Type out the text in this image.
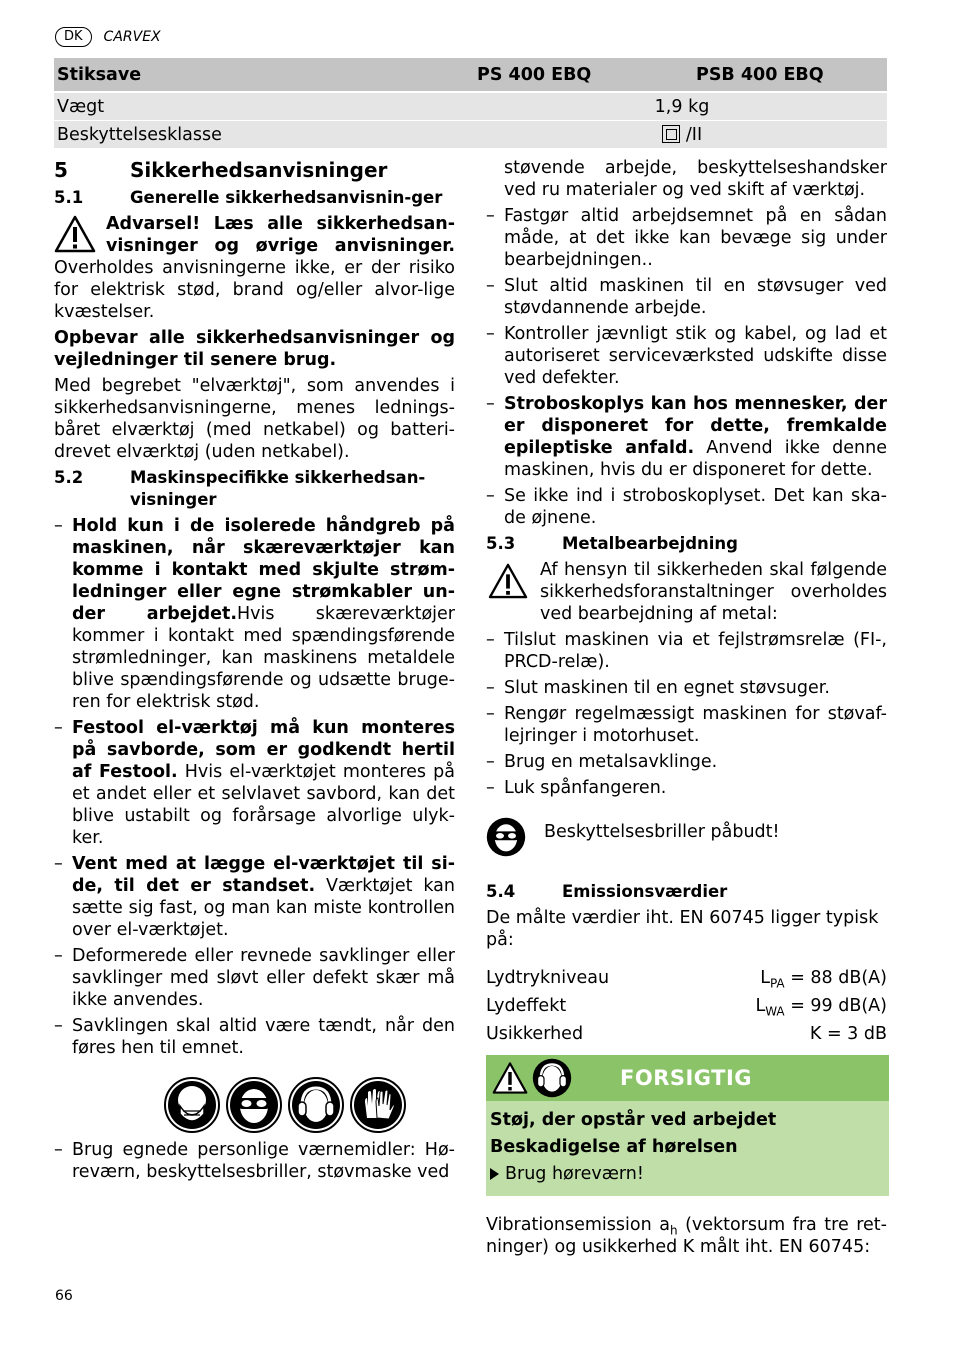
DK	CARVEX
Stiksave	PS 400 EBQ	PSB 400 EBQ
Vægt	1,9 kg
Beskyttelsesklasse	/II
5	Sikkerhedsanvisninger
5.1	Generelle sikkerhedsanvisnin-ger

Advarsel! Læs alle sikkerhedsan-visninger og øvrige anvisninger. Overholdes anvisningerne ikke, er der risiko for elektrisk stød, brand og/eller alvor-lige kvæstelser.

Opbevar alle sikkerhedsanvisninger og vejledninger til senere brug.

Med begrebet "elværktøj", som anvendes i sikkerhedsanvisningerne, menes lednings-båret elværktøj (med netkabel) og batteri-drevet elværktøj (uden netkabel).

5.2	Maskinspecifikke sikkerhedsan-visninger
– Hold kun i de isolerede håndgreb på maskinen, når skæreværktøjer kan komme i kontakt med skjulte strøm-ledninger eller egne strømkabler un-der arbejdet.Hvis skæreværktøjer kommer i kontakt med spændingsførende strømledninger, kan maskinens metaldele blive spændingsførende og udsætte bruge-ren for elektrisk stød.
– Festool el-værktøj må kun monteres på savborde, som er godkendt hertil af Festool. Hvis el-værktøjet monteres på et andet eller et selvlavet savbord, kan det blive ustabilt og forårsage alvorlige ulyk-ker.
– Vent med at lægge el-værktøjet til si-de, til det er standset. Værktøjet kan sætte sig fast, og man kan miste kontrollen over el-værktøjet.
– Deformerede eller revnede savklinger eller savklinger med sløvt eller defekt skær må ikke anvendes.
– Savklingen skal altid være tændt, når den føres hen til emnet.
– Brug egnede personlige værnemidler: Hø-reværn, beskyttelsesbriller, støvmaske ved

støvende arbejde, beskyttelseshandsker ved ru materialer og ved skift af værktøj.

– Fastgør altid arbejdsemnet på en sådan måde, at det ikke kan bevæge sig under bearbejdningen..
– Slut altid maskinen til en støvsuger ved støvdannende arbejde.
– Kontroller jævnligt stik og kabel, og lad et autoriseret serviceværksted udskifte disse ved defekter.
– Stroboskoplys kan hos mennesker, der er disponeret for dette, fremkalde epileptiske anfald. Anvend ikke denne maskinen, hvis du er disponeret for dette.
– Se ikke ind i stroboskoplyset. Det kan ska-de øjnene.
5.3	Metalbearbejdning

Af hensyn til sikkerheden skal følgende sikkerhedsforanstaltninger overholdes ved bearbejdning af metal:

– Tilslut maskinen via et fejlstrømsrelæ (FI-, PRCD-relæ).
– Slut maskinen til en egnet støvsuger.
– Rengør regelmæssigt maskinen for støvaf-lejringer i motorhuset.
– Brug en metalsavklinge.
– Luk spånfangeren.
Beskyttelsesbriller påbudt!
5.4	Emissionsværdier

De målte værdier iht. EN 60745 ligger typisk på:

Lydtrykniveau	$L_{PA} = 88$ dB(A)
Lydeffekt	$L_{WA} = 99$ dB(A)
Usikkerhed	K = 3 dB
FORSIGTIG
Støj, der opstår ved arbejdet
Beskadigelse af hørelsen
Brug høreværn!

Vibrationsemission $a_h$ (vektorsum fra tre ret-ninger) og usikkerhed K målt iht. EN 60745:

66
